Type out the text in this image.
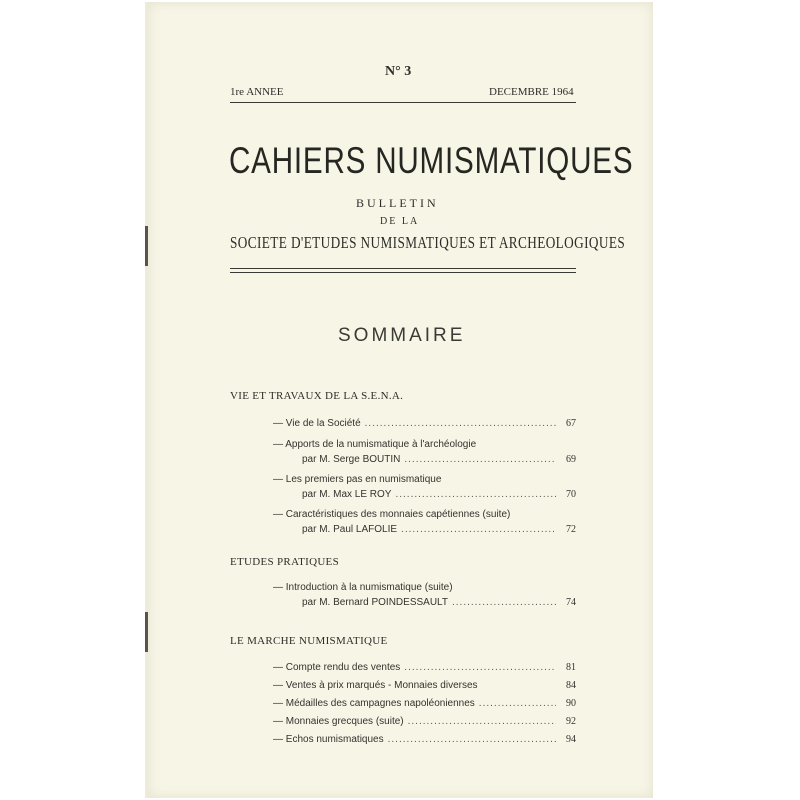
N° 3
1re ANNEE	DECEMBRE 1964
CAHIERS NUMISMATIQUES
BULLETIN
DE LA
SOCIETE D'ETUDES NUMISMATIQUES ET ARCHEOLOGIQUES
SOMMAIRE
VIE ET TRAVAUX DE LA S.E.N.A.
— Vie de la Société .....	67
— Apports de la numismatique à l'archéologie
par M. Serge BOUTIN .....	69
— Les premiers pas en numismatique
par M. Max LE ROY .....	70
— Caractéristiques des monnaies capétiennes (suite)
par M. Paul LAFOLIE .....	72
ETUDES PRATIQUES
— Introduction à la numismatique (suite)
par M. Bernard POINDESSAULT .....	74
LE MARCHE NUMISMATIQUE
— Compte rendu des ventes .....	81
— Ventes à prix marqués - Monnaies diverses	84
— Médailles des campagnes napoléoniennes .....	90
— Monnaies grecques (suite) .....	92
— Echos numismatiques .....	94
